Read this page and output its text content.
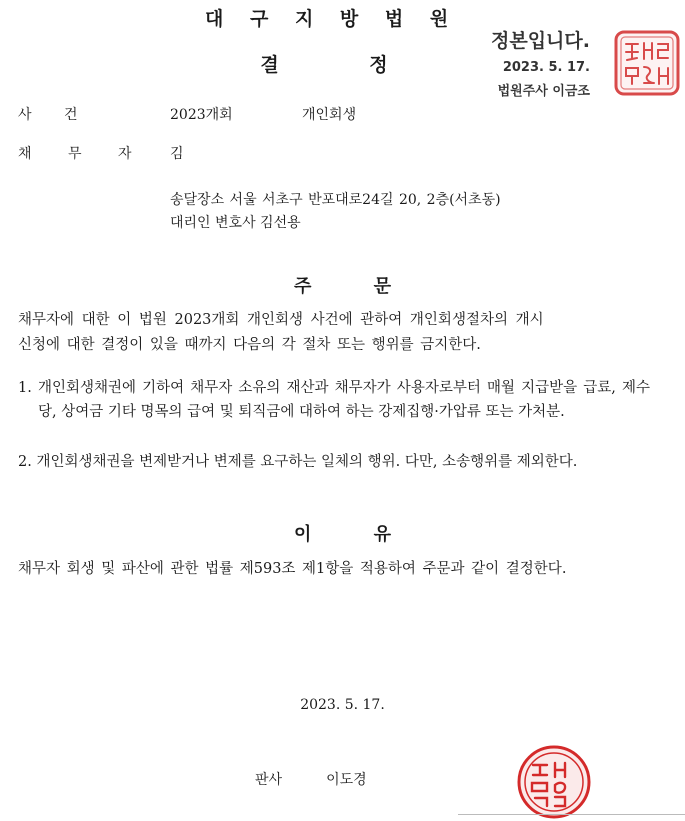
대 구 지 방 법 원
결 정
정본입니다.
2023. 5. 17.
법원주사 이금조
사 건	2023개회	개인회생
채 무 자 김
송달장소 서울 서초구 반포대로24길 20, 2층(서초동)
대리인 변호사 김선용
주 문
채무자에 대한 이 법원 2023개회 개인회생 사건에 관하여 개인회생절차의 개시
신청에 대한 결정이 있을 때까지 다음의 각 절차 또는 행위를 금지한다.
1. 개인회생채권에 기하여 채무자 소유의 재산과 채무자가 사용자로부터 매월 지급받을 급료, 제수당, 상여금 기타 명목의 급여 및 퇴직금에 대하여 하는 강제집행·가압류 또는 가처분.
2. 개인회생채권을 변제받거나 변제를 요구하는 일체의 행위. 다만, 소송행위를 제외한다.
이 유
채무자 회생 및 파산에 관한 법률 제593조 제1항을 적용하여 주문과 같이 결정한다.
2023. 5. 17.
판사	이도경
